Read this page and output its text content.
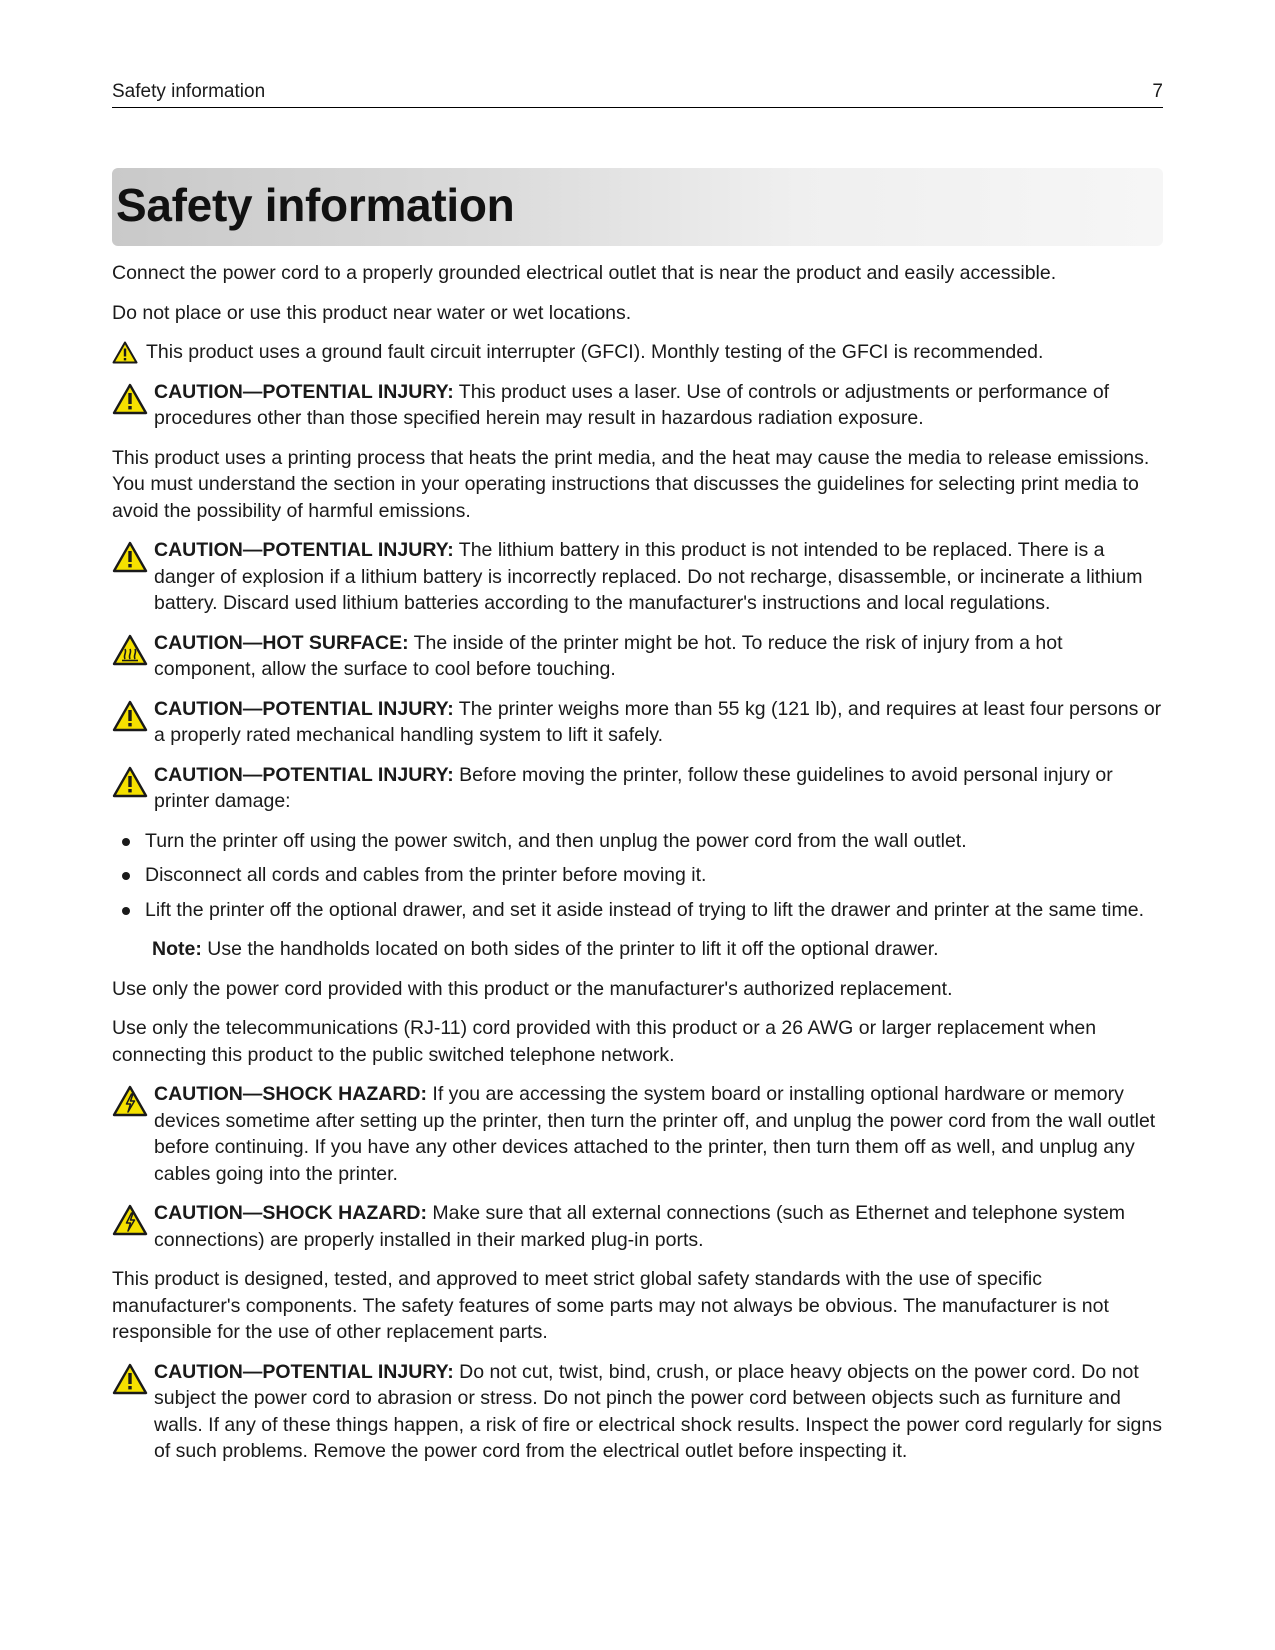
Safety information	7
Safety information

Connect the power cord to a properly grounded electrical outlet that is near the product and easily accessible.

Do not place or use this product near water or wet locations.

This product uses a ground fault circuit interrupter (GFCI). Monthly testing of the GFCI is recommended.
CAUTION—POTENTIAL INJURY: This product uses a laser. Use of controls or adjustments or performance of procedures other than those specified herein may result in hazardous radiation exposure.

This product uses a printing process that heats the print media, and the heat may cause the media to release emissions. You must understand the section in your operating instructions that discusses the guidelines for selecting print media to avoid the possibility of harmful emissions.

CAUTION—POTENTIAL INJURY: The lithium battery in this product is not intended to be replaced. There is a danger of explosion if a lithium battery is incorrectly replaced. Do not recharge, disassemble, or incinerate a lithium battery. Discard used lithium batteries according to the manufacturer's instructions and local regulations.
CAUTION—HOT SURFACE: The inside of the printer might be hot. To reduce the risk of injury from a hot component, allow the surface to cool before touching.
CAUTION—POTENTIAL INJURY: The printer weighs more than 55 kg (121 lb), and requires at least four persons or a properly rated mechanical handling system to lift it safely.
CAUTION—POTENTIAL INJURY: Before moving the printer, follow these guidelines to avoid personal injury or printer damage:
Turn the printer off using the power switch, and then unplug the power cord from the wall outlet.
Disconnect all cords and cables from the printer before moving it.
Lift the printer off the optional drawer, and set it aside instead of trying to lift the drawer and printer at the same time.

Note: Use the handholds located on both sides of the printer to lift it off the optional drawer.

Use only the power cord provided with this product or the manufacturer's authorized replacement.

Use only the telecommunications (RJ-11) cord provided with this product or a 26 AWG or larger replacement when connecting this product to the public switched telephone network.

CAUTION—SHOCK HAZARD: If you are accessing the system board or installing optional hardware or memory devices sometime after setting up the printer, then turn the printer off, and unplug the power cord from the wall outlet before continuing. If you have any other devices attached to the printer, then turn them off as well, and unplug any cables going into the printer.
CAUTION—SHOCK HAZARD: Make sure that all external connections (such as Ethernet and telephone system connections) are properly installed in their marked plug-in ports.

This product is designed, tested, and approved to meet strict global safety standards with the use of specific manufacturer's components. The safety features of some parts may not always be obvious. The manufacturer is not responsible for the use of other replacement parts.

CAUTION—POTENTIAL INJURY: Do not cut, twist, bind, crush, or place heavy objects on the power cord. Do not subject the power cord to abrasion or stress. Do not pinch the power cord between objects such as furniture and walls. If any of these things happen, a risk of fire or electrical shock results. Inspect the power cord regularly for signs of such problems. Remove the power cord from the electrical outlet before inspecting it.
